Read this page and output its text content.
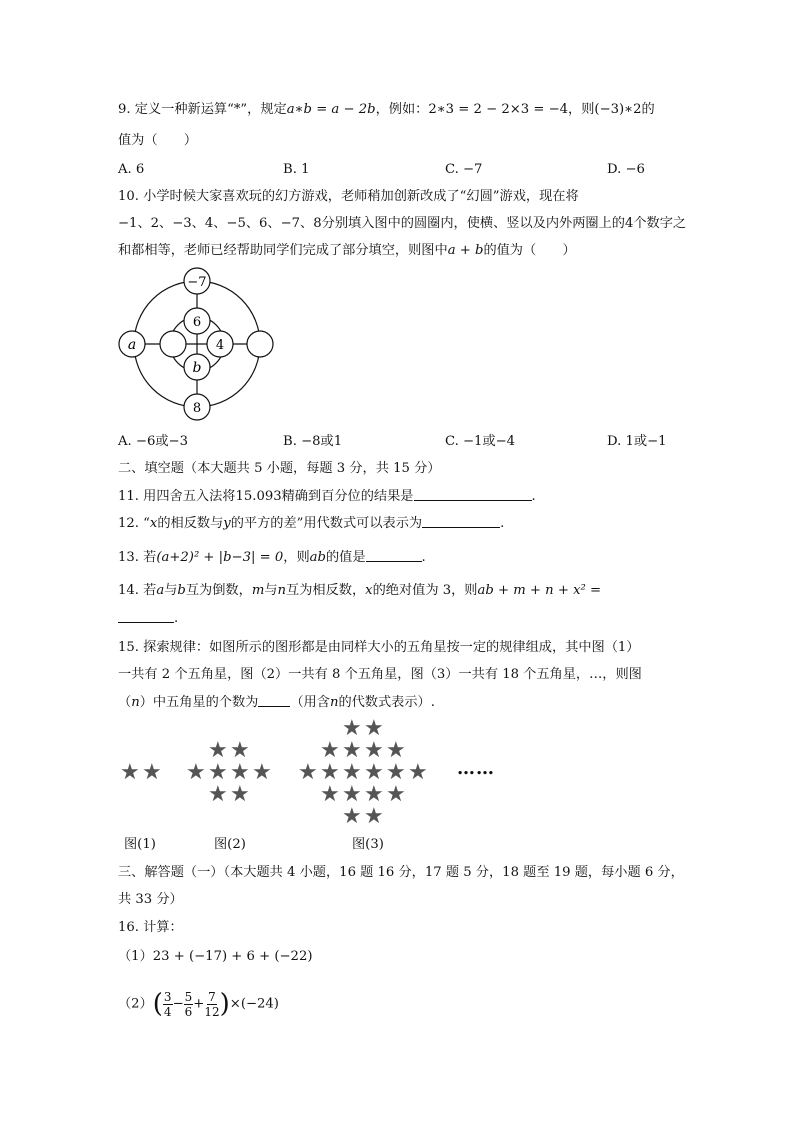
9. 定义一种新运算“*”，规定a∗b = a − 2b，例如：2∗3 = 2 − 2×3 = −4，则(−3)∗2的
值为（　　）
A. 6	B. 1	C. −7	D. −6
10. 小学时候大家喜欢玩的幻方游戏，老师稍加创新改成了“幻圆”游戏，现在将
−1、2、−3、4、−5、6、−7、8分别填入图中的圆圈内，使横、竖以及内外两圈上的4个数字之
和都相等，老师已经帮助同学们完成了部分填空，则图中a + b的值为（　　）
−7
6
a	4
b
8
A. −6或−3	B. −8或1	C. −1或−4	D. 1或−1
二、填空题（本大题共 5 小题，每题 3 分，共 15 分）
11. 用四舍五入法将15.093精确到百分位的结果是	.
12. “x的相反数与y的平方的差”用代数式可以表示为	.
13. 若(a+2)² + |b−3| = 0，则ab的值是	.
14. 若a与b互为倒数，m与n互为相反数，x的绝对值为 3，则ab + m + n + x² =
.
15. 探索规律：如图所示的图形都是由同样大小的五角星按一定的规律组成，其中图（1）
一共有 2 个五角星，图（2）一共有 8 个五角星，图（3）一共有 18 个五角星，…，则图
（n）中五角星的个数为 （用含n的代数式表示）.
★ ★
★ ★
★ ★ ★ ★
★ ★
★ ★
★ ★ ★ ★
★ ★ ★ ★ ★ ★
★ ★ ★ ★
★ ★
……
图(1)	图(2)	图(3)
三、解答题（一）（本大题共 4 小题，16 题 16 分，17 题 5 分，18 题至 19 题，每小题 6 分，
共 33 分）
16. 计算：
（1）23 + (−17) + 6 + (−22)
$(2)( \frac{3}{4} - \frac{5}{6} + \frac{7}{12} )\times(-24)$
